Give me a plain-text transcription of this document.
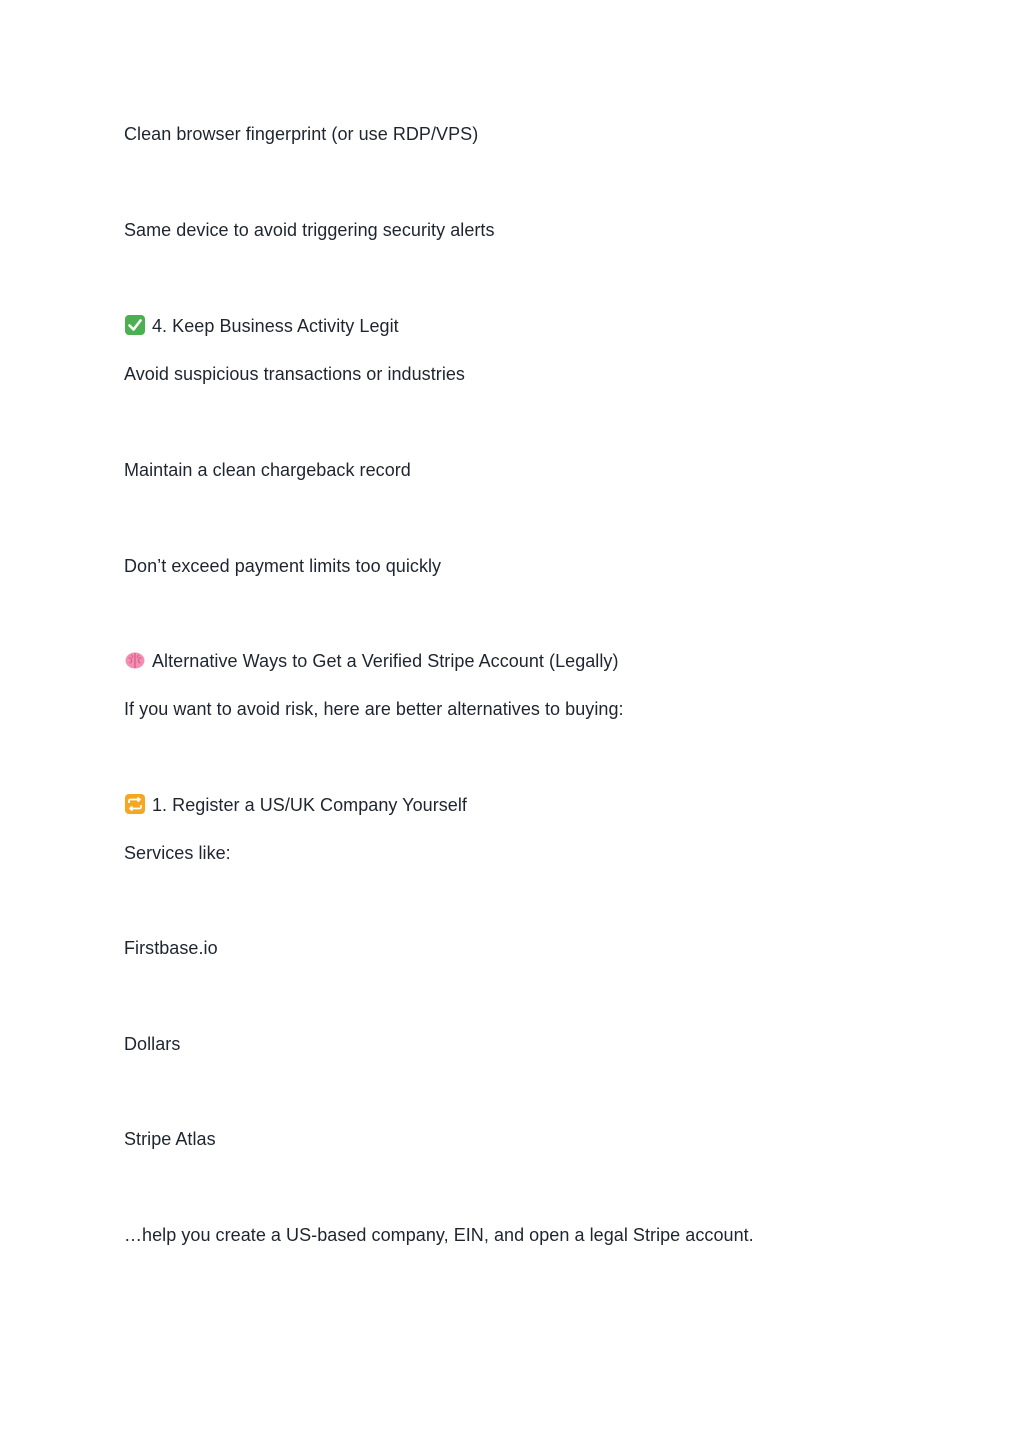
Clean browser fingerprint (or use RDP/VPS)
Same device to avoid triggering security alerts
4. Keep Business Activity Legit
Avoid suspicious transactions or industries
Maintain a clean chargeback record
Don’t exceed payment limits too quickly
Alternative Ways to Get a Verified Stripe Account (Legally)
If you want to avoid risk, here are better alternatives to buying:
1. Register a US/UK Company Yourself
Services like:
Firstbase.io
Dollars
Stripe Atlas
…help you create a US-based company, EIN, and open a legal Stripe account.
